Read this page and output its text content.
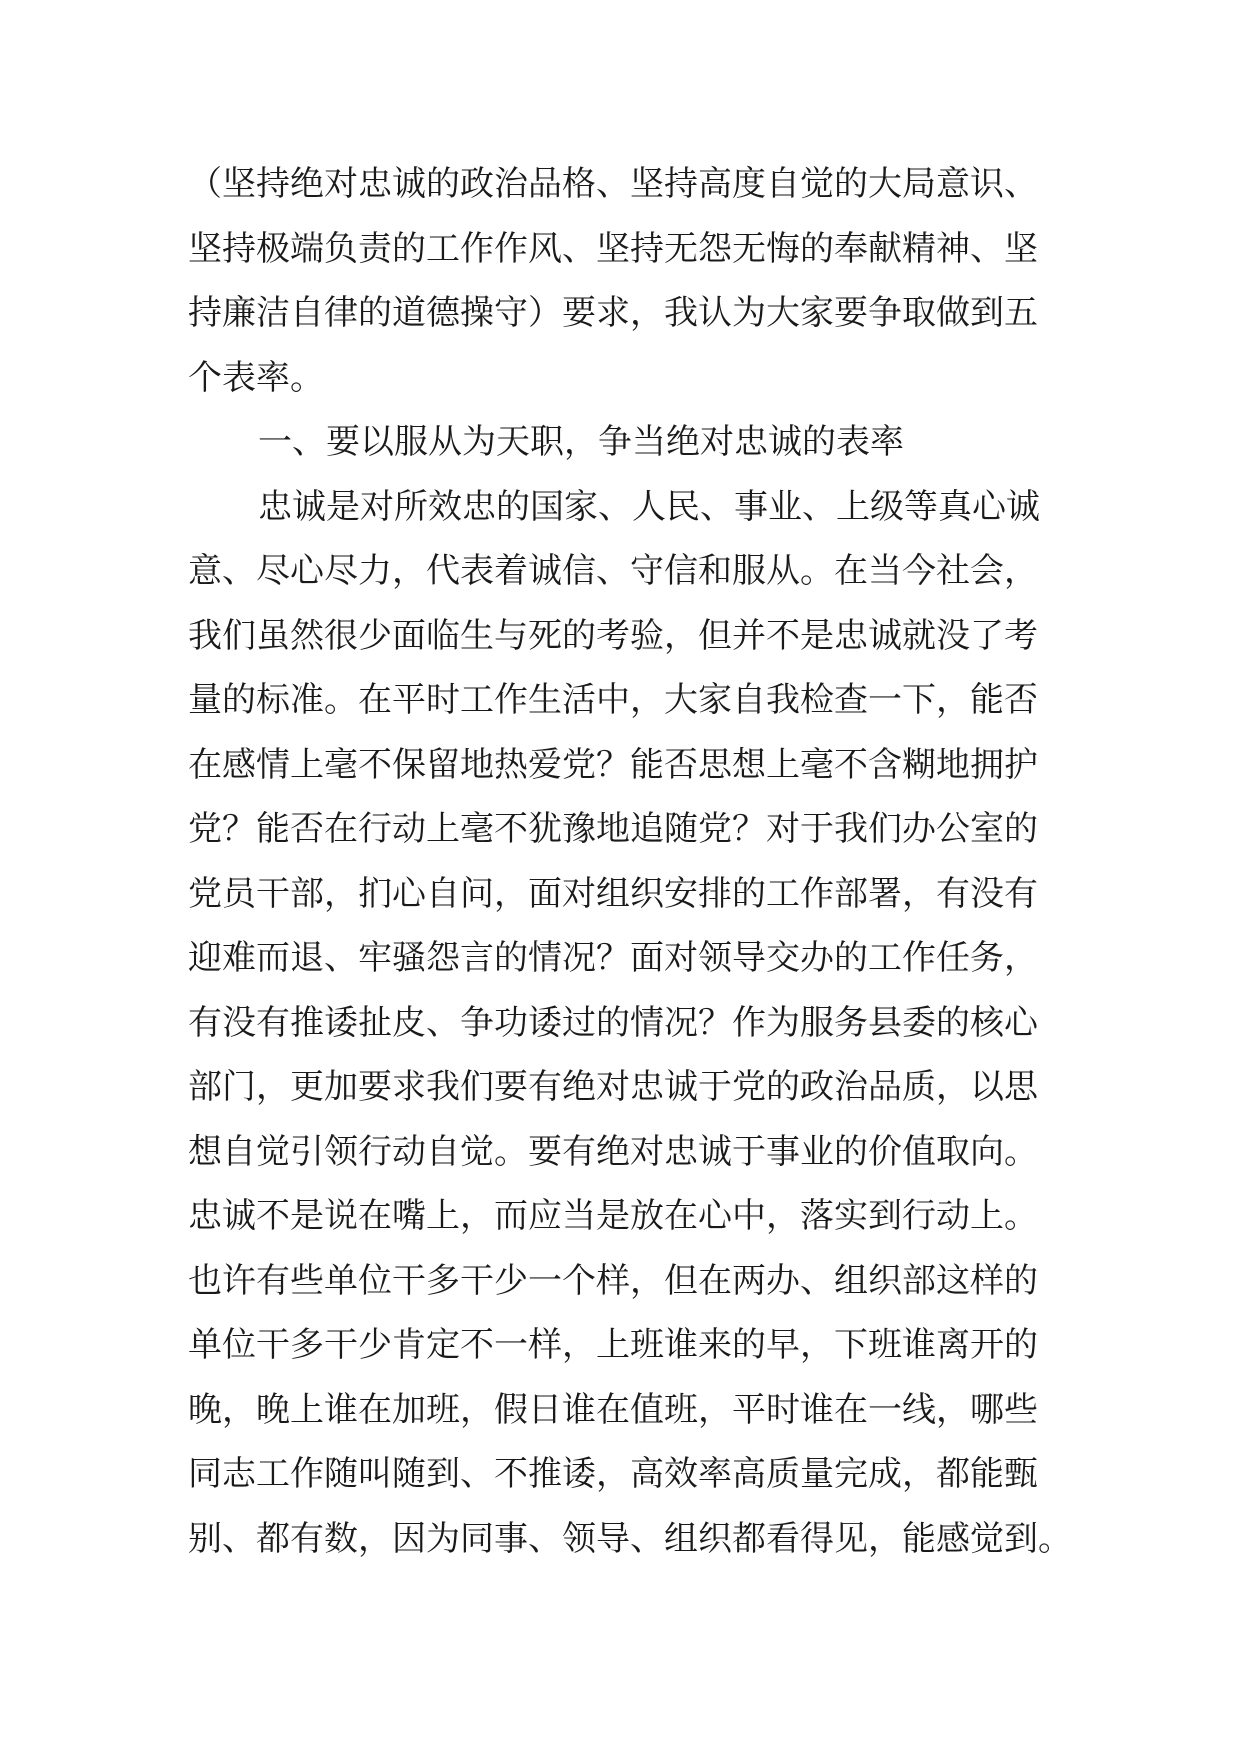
（坚持绝对忠诚的政治品格、坚持高度自觉的大局意识、
坚持极端负责的工作作风、坚持无怨无悔的奉献精神、坚
持廉洁自律的道德操守）要求，我认为大家要争取做到五
个表率。
一、要以服从为天职，争当绝对忠诚的表率
忠诚是对所效忠的国家、人民、事业、上级等真心诚
意、尽心尽力，代表着诚信、守信和服从。在当今社会，
我们虽然很少面临生与死的考验，但并不是忠诚就没了考
量的标准。在平时工作生活中，大家自我检查一下，能否
在感情上毫不保留地热爱党？能否思想上毫不含糊地拥护
党？能否在行动上毫不犹豫地追随党？对于我们办公室的
党员干部，扪心自问，面对组织安排的工作部署，有没有
迎难而退、牢骚怨言的情况？面对领导交办的工作任务，
有没有推诿扯皮、争功诿过的情况？作为服务县委的核心
部门，更加要求我们要有绝对忠诚于党的政治品质，以思
想自觉引领行动自觉。要有绝对忠诚于事业的价值取向。
忠诚不是说在嘴上，而应当是放在心中，落实到行动上。
也许有些单位干多干少一个样，但在两办、组织部这样的
单位干多干少肯定不一样，上班谁来的早，下班谁离开的
晚，晚上谁在加班，假日谁在值班，平时谁在一线，哪些
同志工作随叫随到、不推诿，高效率高质量完成，都能甄
别、都有数，因为同事、领导、组织都看得见，能感觉到。
